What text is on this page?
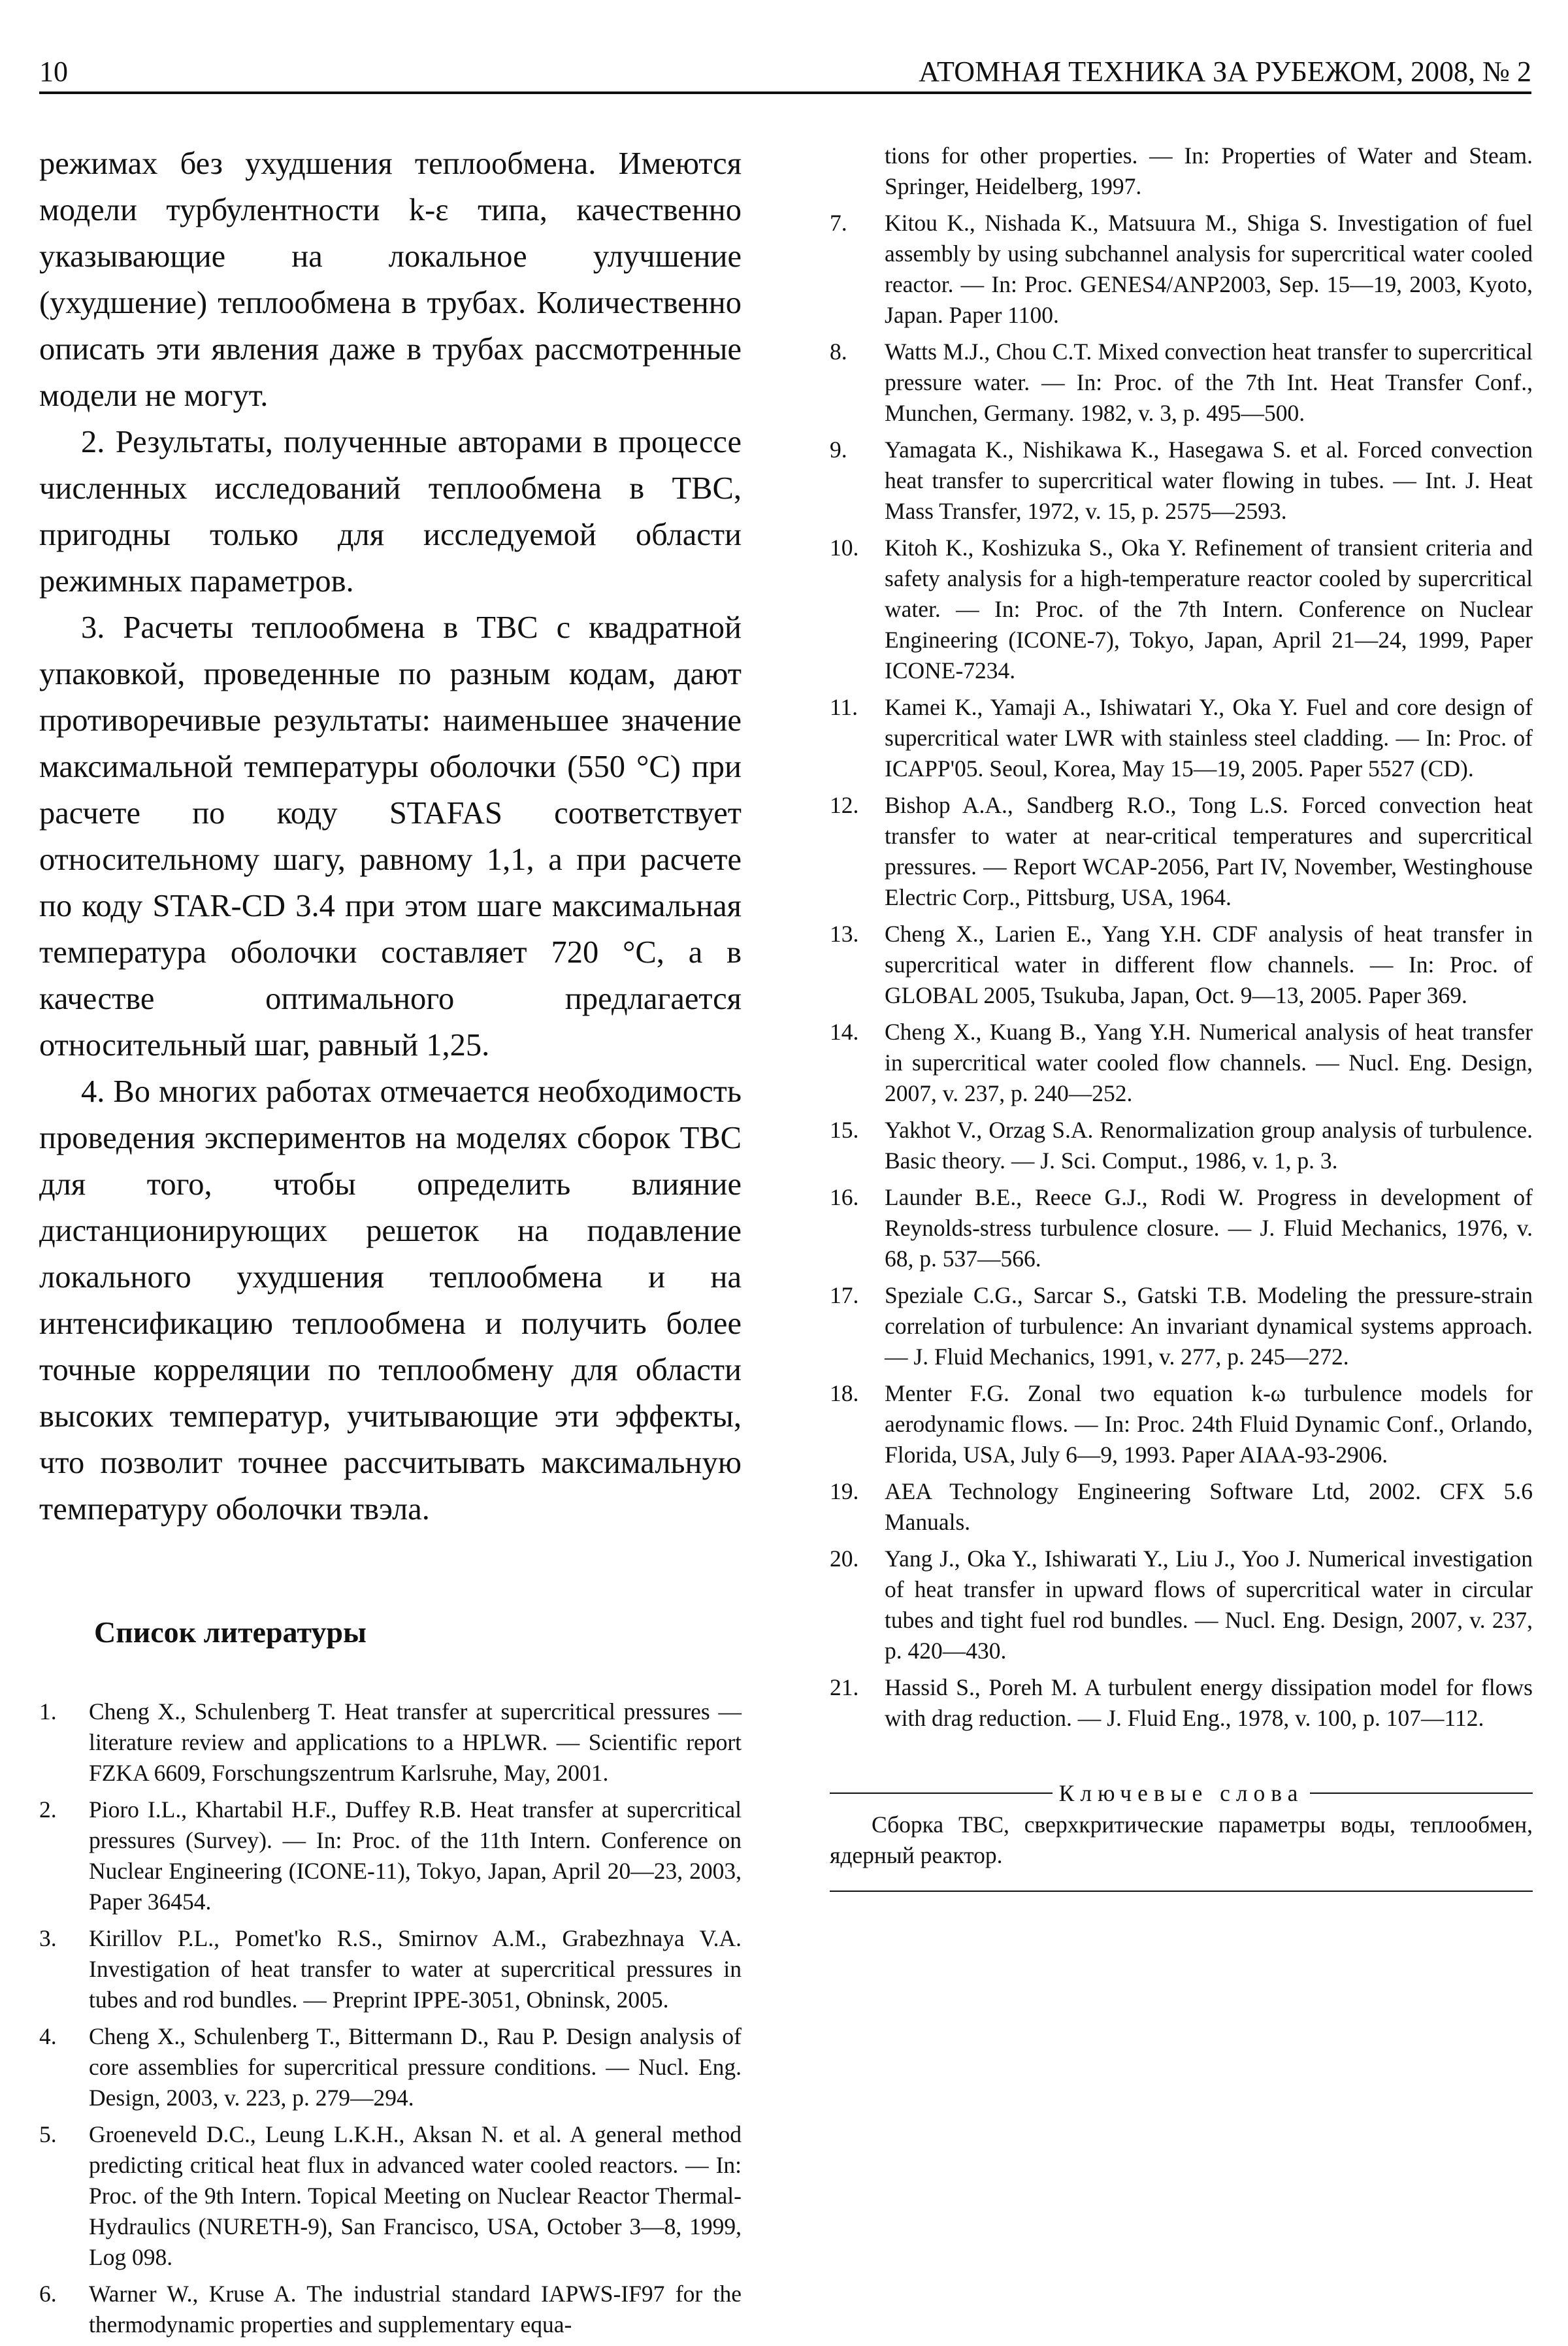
10	АТОМНАЯ ТЕХНИКА ЗА РУБЕЖОМ, 2008, № 2

режимах без ухудшения теплообмена. Имеются модели турбулентности k-ε типа, качественно указывающие на локальное улучшение (ухудшение) теплообмена в трубах. Количественно описать эти явления даже в трубах рассмотренные модели не могут.

2. Результаты, полученные авторами в процессе численных исследований теплообмена в ТВС, пригодны только для исследуемой области режимных параметров.

3. Расчеты теплообмена в ТВС с квадратной упаковкой, проведенные по разным кодам, дают противоречивые результаты: наименьшее значение максимальной температуры оболочки (550 °С) при расчете по коду STAFAS соответствует относительному шагу, равному 1,1, а при расчете по коду STAR-CD 3.4 при этом шаге максимальная температура оболочки составляет 720 °С, а в качестве оптимального предлагается относительный шаг, равный 1,25.

4. Во многих работах отмечается необходимость проведения экспериментов на моделях сборок ТВС для того, чтобы определить влияние дистанционирующих решеток на подавление локального ухудшения теплообмена и на интенсификацию теплообмена и получить более точные корреляции по теплообмену для области высоких температур, учитывающие эти эффекты, что позволит точнее рассчитывать максимальную температуру оболочки твэла.

Список литературы
1.	Cheng X., Schulenberg T. Heat transfer at supercritical pressures — literature review and applications to a HPLWR. — Scientific report FZKA 6609, Forschungszentrum Karlsruhe, May, 2001.
2.	Pioro I.L., Khartabil H.F., Duffey R.B. Heat transfer at supercritical pressures (Survey). — In: Proc. of the 11th Intern. Conference on Nuclear Engineering (ICONE-11), Tokyo, Japan, April 20—23, 2003, Paper 36454.
3.	Kirillov P.L., Pomet'ko R.S., Smirnov A.M., Grabezhnaya V.A. Investigation of heat transfer to water at supercritical pressures in tubes and rod bundles. — Preprint IPPE-3051, Obninsk, 2005.
4.	Cheng X., Schulenberg T., Bittermann D., Rau P. Design analysis of core assemblies for supercritical pressure conditions. — Nucl. Eng. Design, 2003, v. 223, p. 279—294.
5.	Groeneveld D.C., Leung L.K.H., Aksan N. et al. A general method predicting critical heat flux in advanced water cooled reactors. — In: Proc. of the 9th Intern. Topical Meeting on Nuclear Reactor Thermal-Hydraulics (NURETH-9), San Francisco, USA, October 3—8, 1999, Log 098.
6.	Warner W., Kruse A. The industrial standard IAPWS-IF97 for the thermodynamic properties and supplementary equa-
tions for other properties. — In: Properties of Water and Steam. Springer, Heidelberg, 1997.
7.	Kitou K., Nishada K., Matsuura M., Shiga S. Investigation of fuel assembly by using subchannel analysis for supercritical water cooled reactor. — In: Proc. GENES4/ANP2003, Sep. 15—19, 2003, Kyoto, Japan. Paper 1100.
8.	Watts M.J., Chou C.T. Mixed convection heat transfer to supercritical pressure water. — In: Proc. of the 7th Int. Heat Transfer Conf., Munchen, Germany. 1982, v. 3, p. 495—500.
9.	Yamagata K., Nishikawa K., Hasegawa S. et al. Forced convection heat transfer to supercritical water flowing in tubes. — Int. J. Heat Mass Transfer, 1972, v. 15, p. 2575—2593.
10.	Kitoh K., Koshizuka S., Oka Y. Refinement of transient criteria and safety analysis for a high-temperature reactor cooled by supercritical water. — In: Proc. of the 7th Intern. Conference on Nuclear Engineering (ICONE-7), Tokyo, Japan, April 21—24, 1999, Paper ICONE-7234.
11.	Kamei K., Yamaji A., Ishiwatari Y., Oka Y. Fuel and core design of supercritical water LWR with stainless steel cladding. — In: Proc. of ICAPP'05. Seoul, Korea, May 15—19, 2005. Paper 5527 (CD).
12.	Bishop A.A., Sandberg R.O., Tong L.S. Forced convection heat transfer to water at near-critical temperatures and supercritical pressures. — Report WCAP-2056, Part IV, November, Westinghouse Electric Corp., Pittsburg, USA, 1964.
13.	Cheng X., Larien E., Yang Y.H. CDF analysis of heat transfer in supercritical water in different flow channels. — In: Proc. of GLOBAL 2005, Tsukuba, Japan, Oct. 9—13, 2005. Paper 369.
14.	Cheng X., Kuang B., Yang Y.H. Numerical analysis of heat transfer in supercritical water cooled flow channels. — Nucl. Eng. Design, 2007, v. 237, p. 240—252.
15.	Yakhot V., Orzag S.A. Renormalization group analysis of turbulence. Basic theory. — J. Sci. Comput., 1986, v. 1, p. 3.
16.	Launder B.E., Reece G.J., Rodi W. Progress in development of Reynolds-stress turbulence closure. — J. Fluid Mechanics, 1976, v. 68, p. 537—566.
17.	Speziale C.G., Sarcar S., Gatski T.B. Modeling the pressure-strain correlation of turbulence: An invariant dynamical systems approach. — J. Fluid Mechanics, 1991, v. 277, p. 245—272.
18.	Menter F.G. Zonal two equation k-ω turbulence models for aerodynamic flows. — In: Proc. 24th Fluid Dynamic Conf., Orlando, Florida, USA, July 6—9, 1993. Paper AIAA-93-2906.
19.	AEA Technology Engineering Software Ltd, 2002. CFX 5.6 Manuals.
20.	Yang J., Oka Y., Ishiwarati Y., Liu J., Yoo J. Numerical investigation of heat transfer in upward flows of supercritical water in circular tubes and tight fuel rod bundles. — Nucl. Eng. Design, 2007, v. 237, p. 420—430.
21.	Hassid S., Poreh M. A turbulent energy dissipation model for flows with drag reduction. — J. Fluid Eng., 1978, v. 100, p. 107—112.
Ключевые слова
Сборка ТВС, сверхкритические параметры воды, теплообмен, ядерный реактор.
